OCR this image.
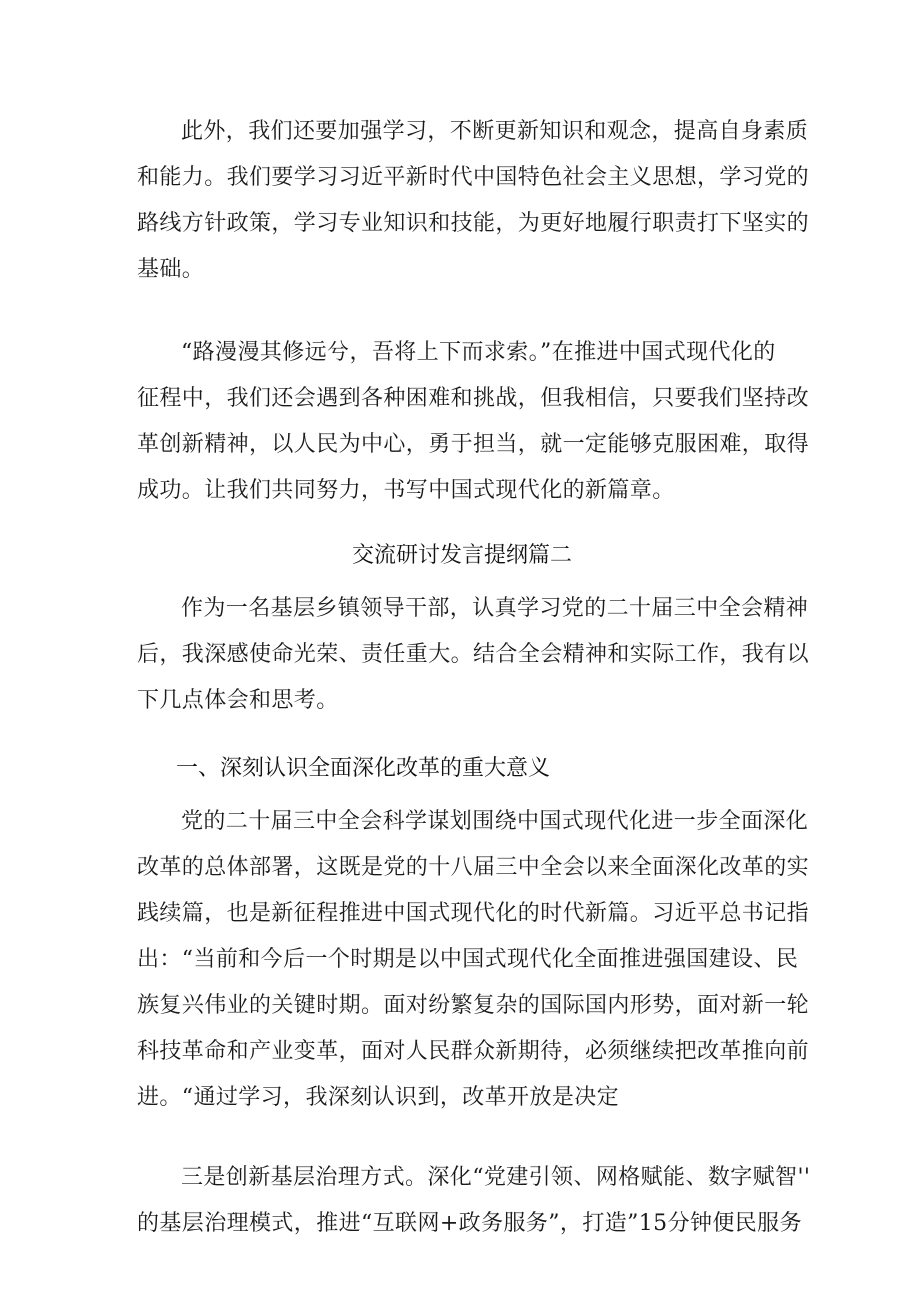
此外，我们还要加强学习，不断更新知识和观念，提高自身素质
和能力。我们要学习习近平新时代中国特色社会主义思想，学习党的
路线方针政策，学习专业知识和技能，为更好地履行职责打下坚实的
基础。
“路漫漫其修远兮，吾将上下而求索。”在推进中国式现代化的
征程中，我们还会遇到各种困难和挑战，但我相信，只要我们坚持改
革创新精神，以人民为中心，勇于担当，就一定能够克服困难，取得
成功。让我们共同努力，书写中国式现代化的新篇章。
交流研讨发言提纲篇二
作为一名基层乡镇领导干部，认真学习党的二十届三中全会精神
后，我深感使命光荣、责任重大。结合全会精神和实际工作，我有以
下几点体会和思考。
一、深刻认识全面深化改革的重大意义
党的二十届三中全会科学谋划围绕中国式现代化进一步全面深化
改革的总体部署，这既是党的十八届三中全会以来全面深化改革的实
践续篇，也是新征程推进中国式现代化的时代新篇。习近平总书记指
出：“当前和今后一个时期是以中国式现代化全面推进强国建设、民
族复兴伟业的关键时期。面对纷繁复杂的国际国内形势，面对新一轮
科技革命和产业变革，面对人民群众新期待，必须继续把改革推向前
进。“通过学习，我深刻认识到，改革开放是决定
三是创新基层治理方式。深化“党建引领、网格赋能、数字赋智''
的基层治理模式，推进“互联网+政务服务”，打造”15分钟便民服务
